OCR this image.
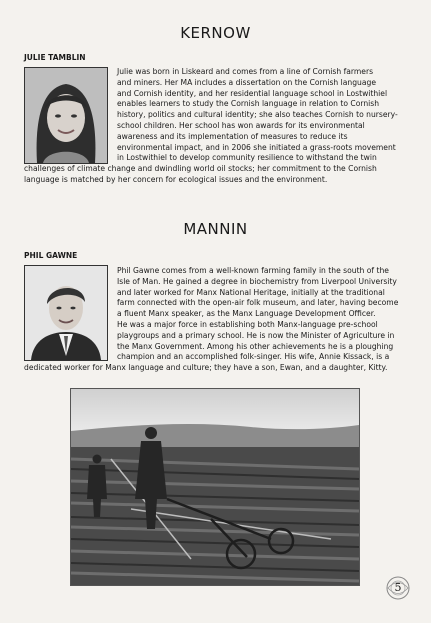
KERNOW
JULIE TAMBLIN

Julie was born in Liskeard and comes from a line of Cornish farmers
and miners. Her MA includes a dissertation on the Cornish language
and Cornish identity, and her residential language school in Lostwithiel
enables learners to study the Cornish language in relation to Cornish
history, politics and cultural identity; she also teaches Cornish to nursery-
school children. Her school has won awards for its environmental
awareness and its implementation of measures to reduce its
environmental impact, and in 2006 she initiated a grass-roots movement
in Lostwithiel to develop community resilience to withstand the twin

challenges of climate change and dwindling world oil stocks; her commitment to the Cornish
language is matched by her concern for ecological issues and the environment.

MANNIN
PHIL GAWNE

Phil Gawne comes from a well-known farming family in the south of the
Isle of Man. He gained a degree in biochemistry from Liverpool University
and later worked for Manx National Heritage, initially at the traditional
farm connected with the open-air folk museum, and later, having become
a fluent Manx speaker, as the Manx Language Development Officer.
He was a major force in establishing both Manx-language pre-school
playgroups and a primary school. He is now the Minister of Agriculture in
the Manx Government. Among his other achievements he is a ploughing
champion and an accomplished folk-singer. His wife, Annie Kissack, is a

dedicated worker for Manx language and culture; they have a son, Ewan, and a daughter, Kitty.

5
